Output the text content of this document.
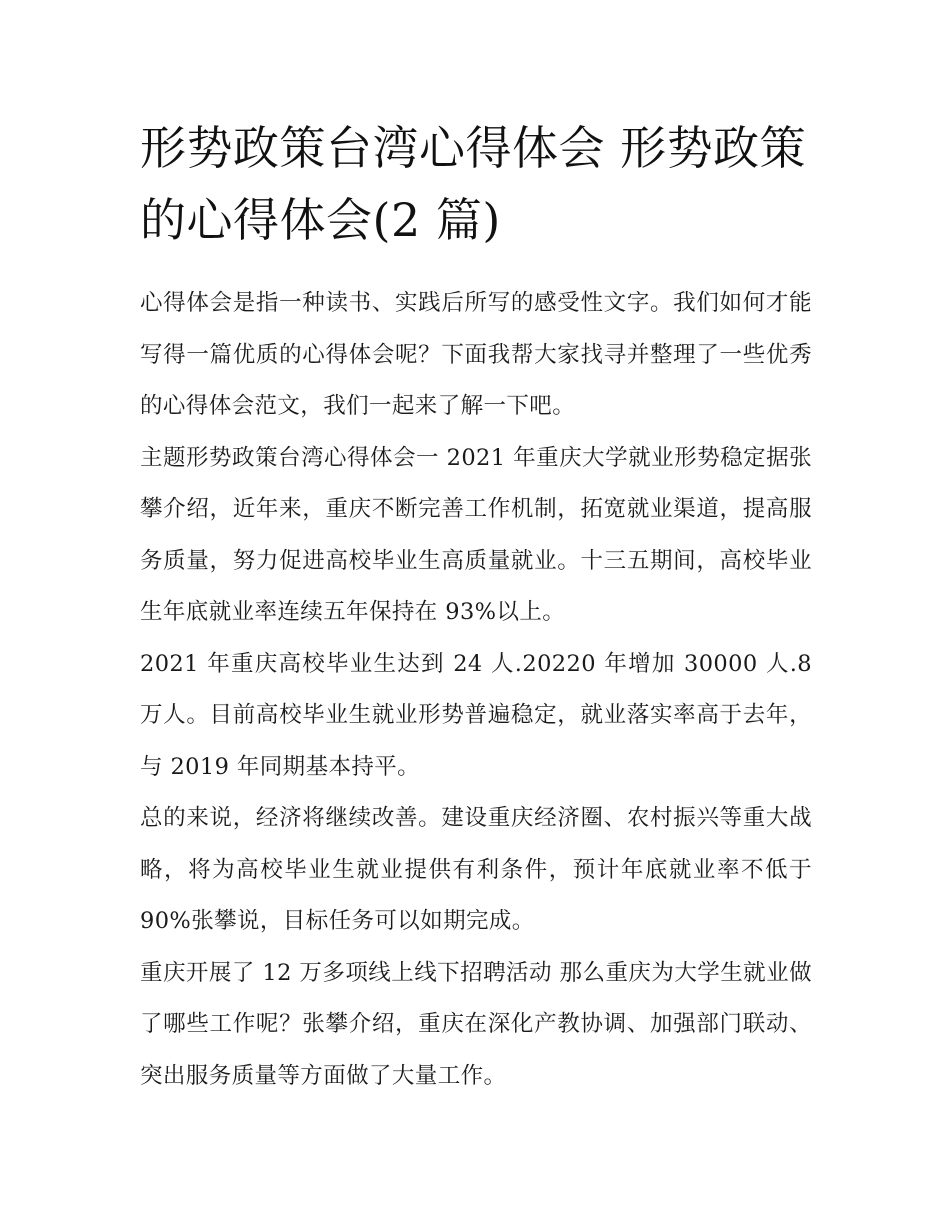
形势政策台湾心得体会 形势政策的心得体会(2 篇)

心得体会是指一种读书、实践后所写的感受性文字。我们如何才能写得一篇优质的心得体会呢？下面我帮大家找寻并整理了一些优秀的心得体会范文，我们一起来了解一下吧。

主题形势政策台湾心得体会一 2021 年重庆大学就业形势稳定据张攀介绍，近年来，重庆不断完善工作机制，拓宽就业渠道，提高服务质量，努力促进高校毕业生高质量就业。十三五期间，高校毕业生年底就业率连续五年保持在 93%以上。

2021 年重庆高校毕业生达到 24 人.20220 年增加 30000 人.8 万人。目前高校毕业生就业形势普遍稳定，就业落实率高于去年，与 2019 年同期基本持平。

总的来说，经济将继续改善。建设重庆经济圈、农村振兴等重大战略，将为高校毕业生就业提供有利条件，预计年底就业率不低于 90%张攀说，目标任务可以如期完成。

重庆开展了 12 万多项线上线下招聘活动 那么重庆为大学生就业做了哪些工作呢？张攀介绍，重庆在深化产教协调、加强部门联动、突出服务质量等方面做了大量工作。
